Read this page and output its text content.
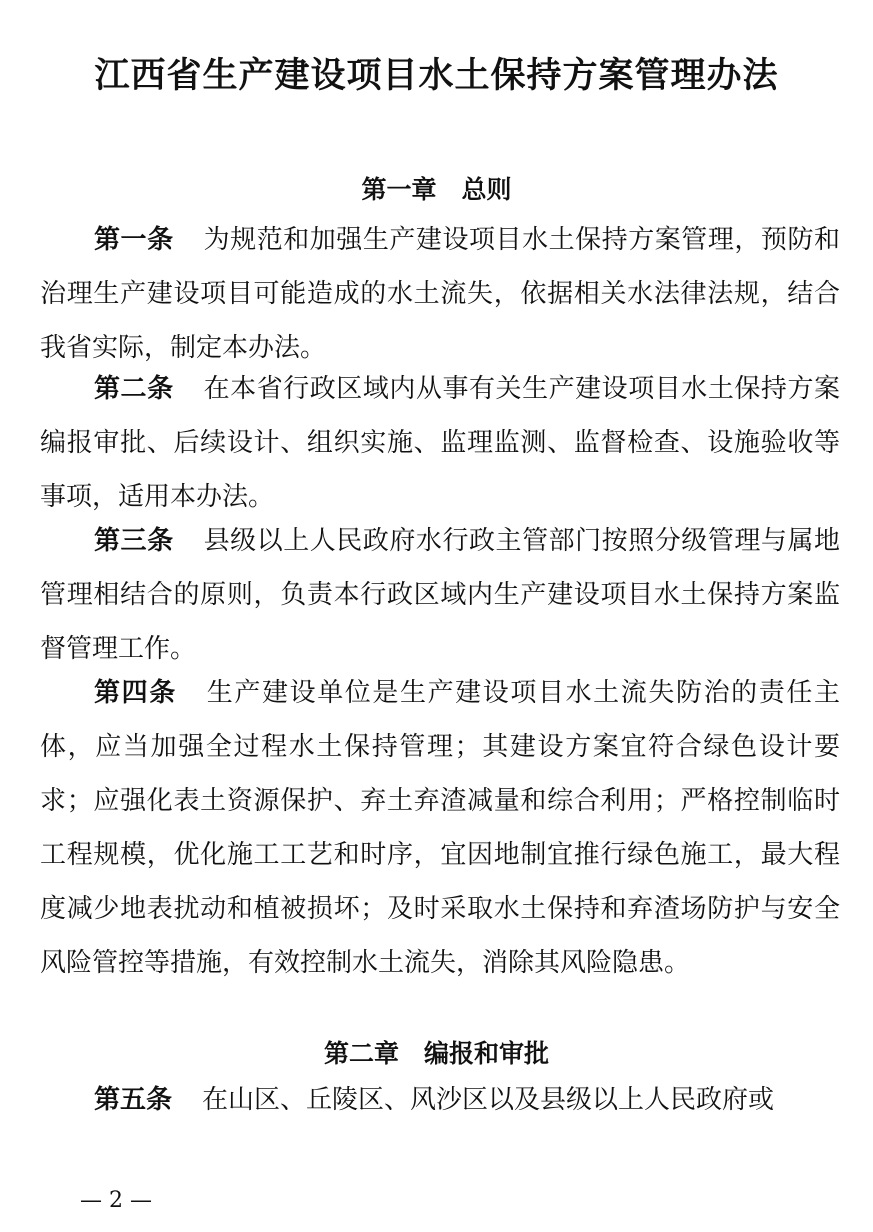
江西省生产建设项目水土保持方案管理办法
第一章　总则

第一条 为规范和加强生产建设项目水土保持方案管理，预防和治理生产建设项目可能造成的水土流失，依据相关水法律法规，结合我省实际，制定本办法。

第二条 在本省行政区域内从事有关生产建设项目水土保持方案编报审批、后续设计、组织实施、监理监测、监督检查、设施验收等事项，适用本办法。

第三条 县级以上人民政府水行政主管部门按照分级管理与属地管理相结合的原则，负责本行政区域内生产建设项目水土保持方案监督管理工作。

第四条 生产建设单位是生产建设项目水土流失防治的责任主体，应当加强全过程水土保持管理；其建设方案宜符合绿色设计要求；应强化表土资源保护、弃土弃渣减量和综合利用；严格控制临时工程规模，优化施工工艺和时序，宜因地制宜推行绿色施工，最大程度减少地表扰动和植被损坏；及时采取水土保持和弃渣场防护与安全风险管控等措施，有效控制水土流失，消除其风险隐患。

第二章　编报和审批

第五条 在山区、丘陵区、风沙区以及县级以上人民政府或

— 2 —
